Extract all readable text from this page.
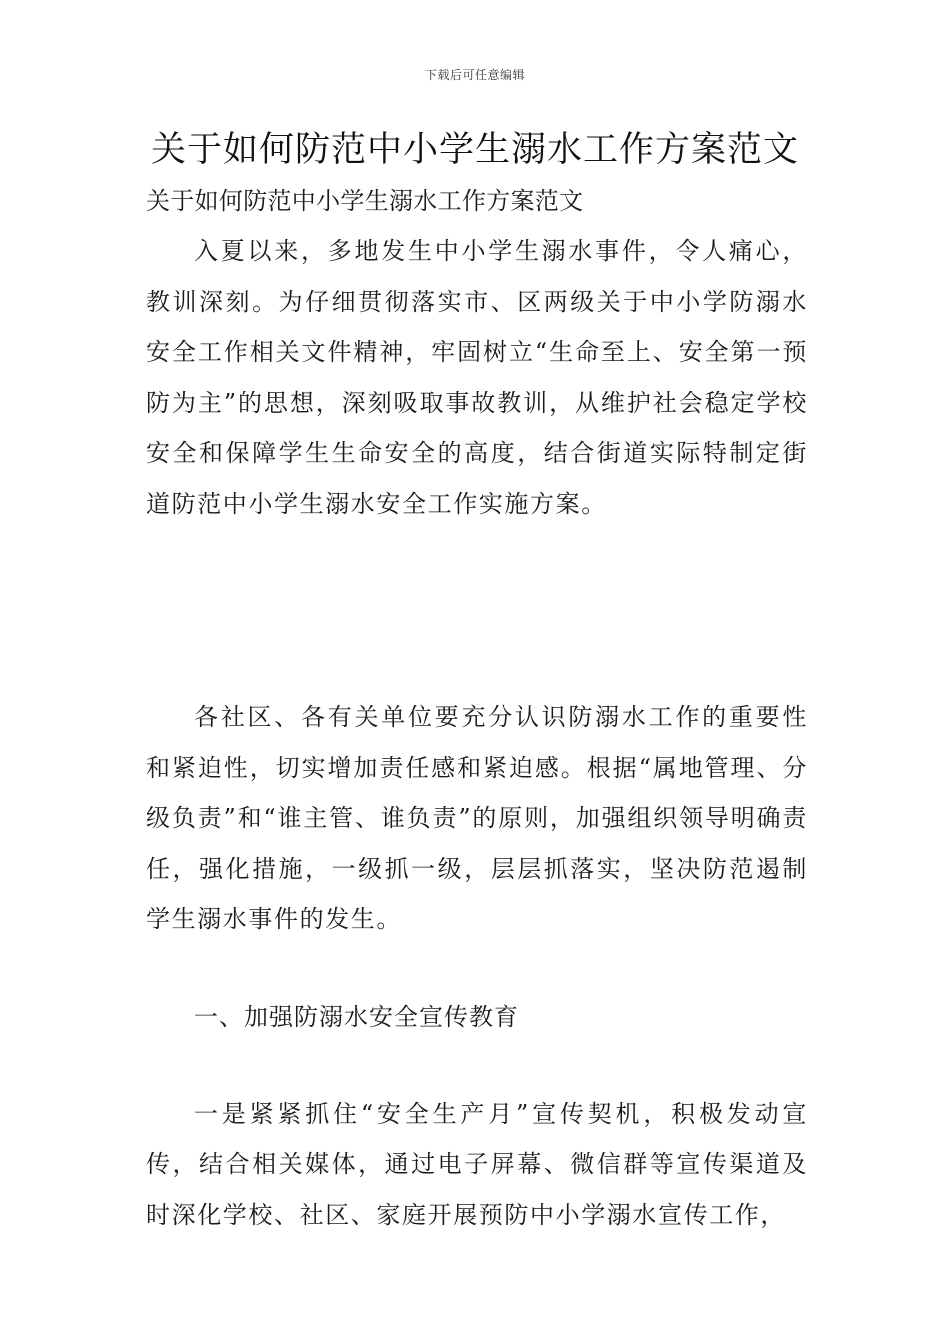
下载后可任意编辑
关于如何防范中小学生溺水工作方案范文

关于如何防范中小学生溺水工作方案范文

入夏以来，多地发生中小学生溺水事件，令人痛心，教训深刻。为仔细贯彻落实市、区两级关于中小学防溺水安全工作相关文件精神，牢固树立“生命至上、安全第一预防为主”的思想，深刻吸取事故教训，从维护社会稳定学校安全和保障学生生命安全的高度，结合街道实际特制定街道防范中小学生溺水安全工作实施方案。

各社区、各有关单位要充分认识防溺水工作的重要性和紧迫性，切实增加责任感和紧迫感。根据“属地管理、分级负责”和“谁主管、谁负责”的原则，加强组织领导明确责任，强化措施，一级抓一级，层层抓落实，坚决防范遏制学生溺水事件的发生。

一、加强防溺水安全宣传教育

一是紧紧抓住“安全生产月”宣传契机，积极发动宣传，结合相关媒体，通过电子屏幕、微信群等宣传渠道及时深化学校、社区、家庭开展预防中小学溺水宣传工作，
